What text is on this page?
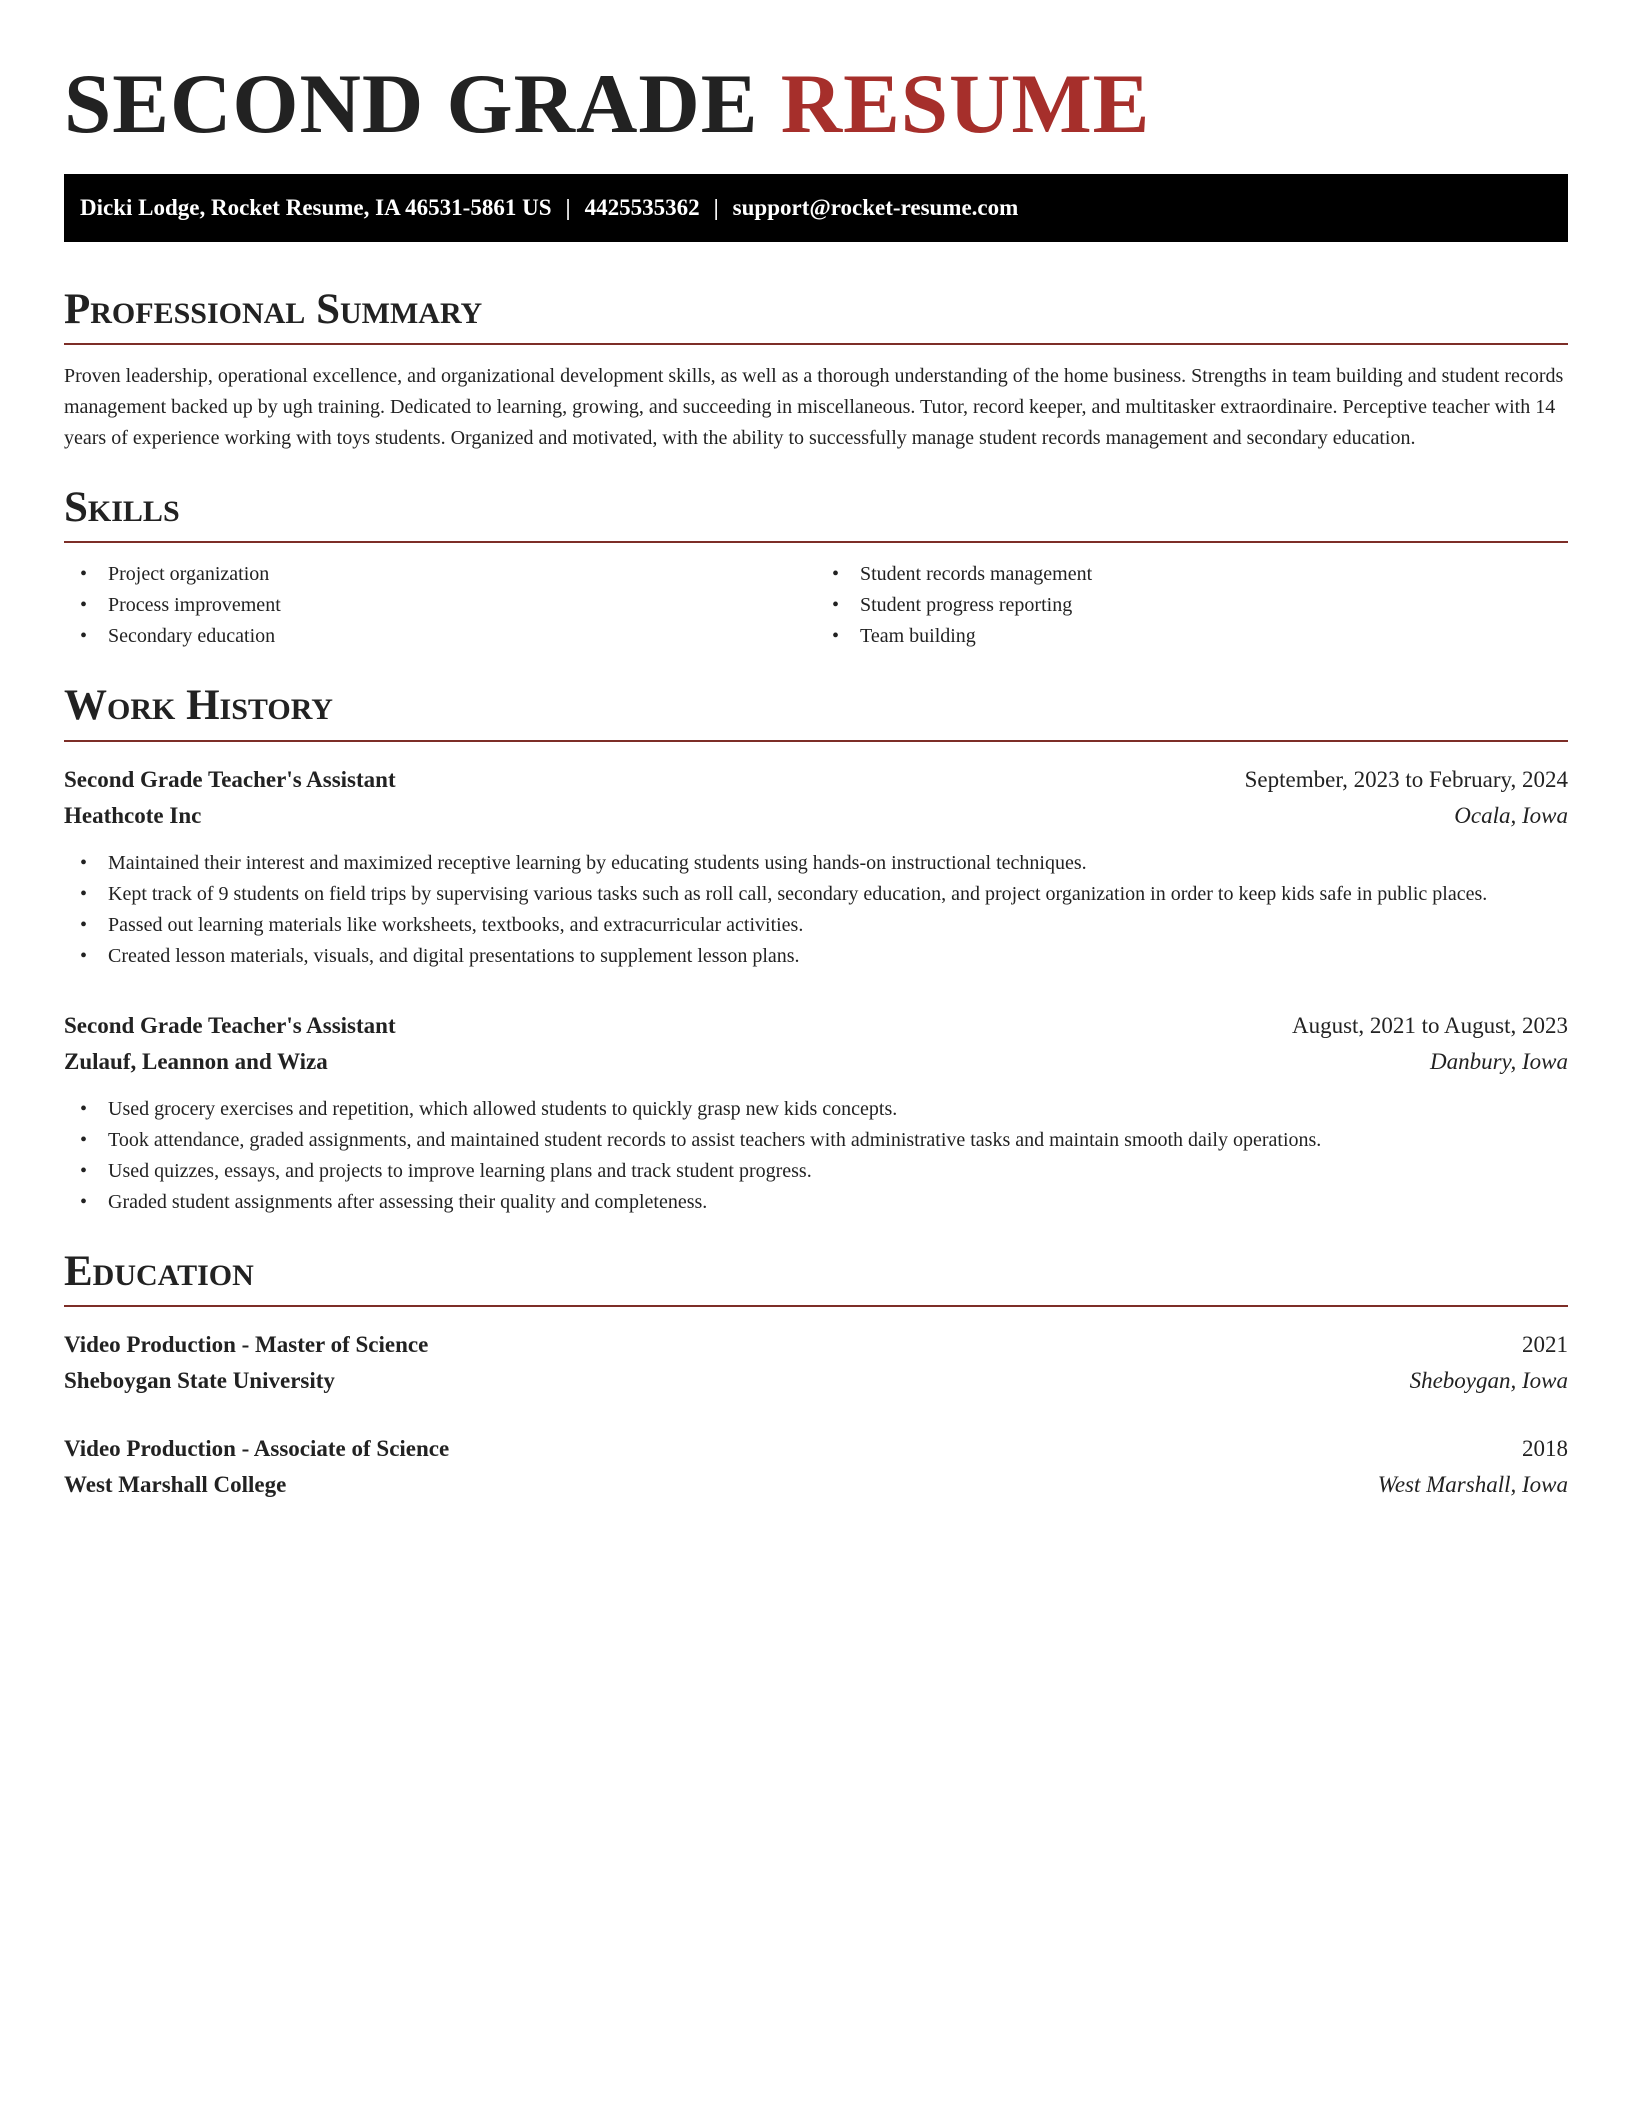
SECOND GRADE RESUME
Dicki Lodge, Rocket Resume, IA 46531-5861 US | 4425535362 | support@rocket-resume.com
Professional Summary

Proven leadership, operational excellence, and organizational development skills, as well as a thorough understanding of the home business. Strengths in team building and student records management backed up by ugh training. Dedicated to learning, growing, and succeeding in miscellaneous. Tutor, record keeper, and multitasker extraordinaire. Perceptive teacher with 14 years of experience working with toys students. Organized and motivated, with the ability to successfully manage student records management and secondary education.

Skills
• Project organization
• Process improvement
• Secondary education
• Student records management
• Student progress reporting
• Team building
Work History
Second Grade Teacher's Assistant	September, 2023 to February, 2024
Heathcote Inc	Ocala, Iowa
• Maintained their interest and maximized receptive learning by educating students using hands-on instructional techniques.
• Kept track of 9 students on field trips by supervising various tasks such as roll call, secondary education, and project organization in order to keep kids safe in public places.
• Passed out learning materials like worksheets, textbooks, and extracurricular activities.
• Created lesson materials, visuals, and digital presentations to supplement lesson plans.
Second Grade Teacher's Assistant	August, 2021 to August, 2023
Zulauf, Leannon and Wiza	Danbury, Iowa
• Used grocery exercises and repetition, which allowed students to quickly grasp new kids concepts.
• Took attendance, graded assignments, and maintained student records to assist teachers with administrative tasks and maintain smooth daily operations.
• Used quizzes, essays, and projects to improve learning plans and track student progress.
• Graded student assignments after assessing their quality and completeness.
Education
Video Production - Master of Science	2021
Sheboygan State University	Sheboygan, Iowa
Video Production - Associate of Science	2018
West Marshall College	West Marshall, Iowa
